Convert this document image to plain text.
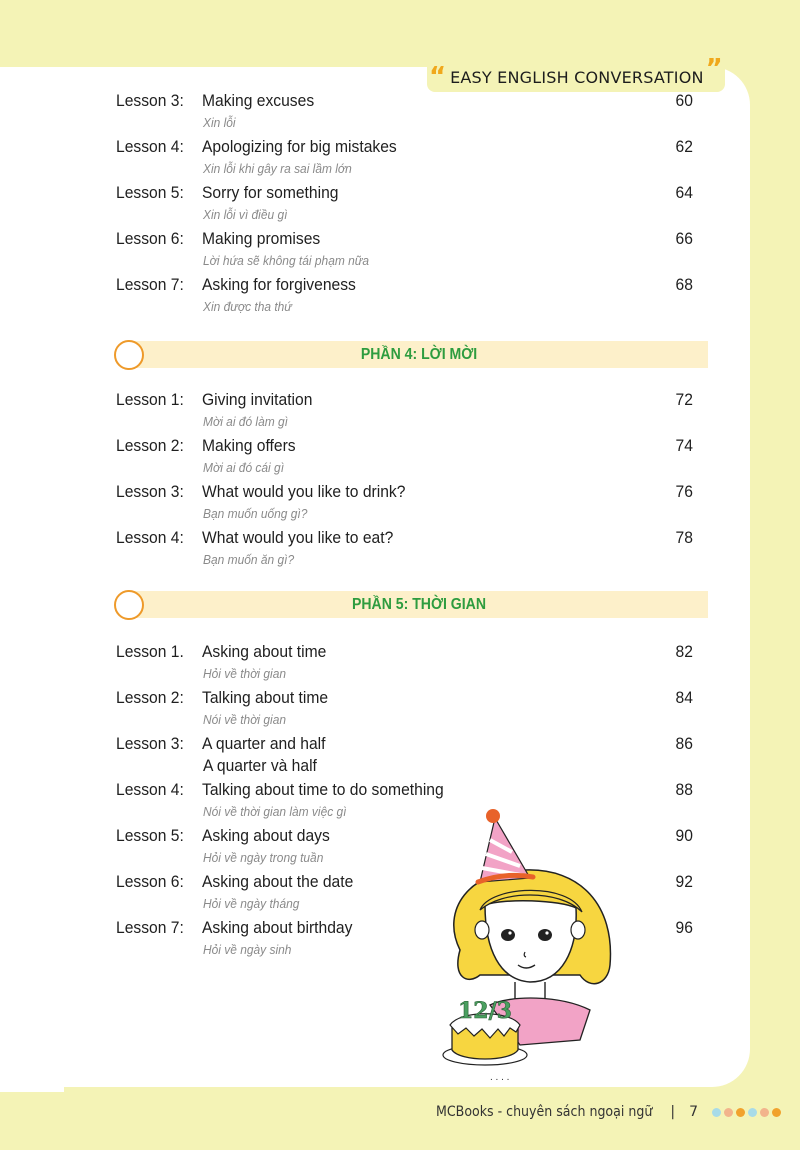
“ EASY ENGLISH CONVERSATION ”
Lesson 3: Making excuses
Xin lỗi
60
Lesson 4: Apologizing for big mistakes
Xin lỗi khi gây ra sai lầm lớn
62
Lesson 5: Sorry for something
Xin lỗi vì điều gì
64
Lesson 6: Making promises
Lời hứa sẽ không tái phạm nữa
66
Lesson 7: Asking for forgiveness
Xin được tha thứ
68
PHẦN 4: LỜI MỜI
Lesson 1: Giving invitation
Mời ai đó làm gì
72
Lesson 2: Making offers
Mời ai đó cái gì
74
Lesson 3: What would you like to drink?
Bạn muốn uống gì?
76
Lesson 4: What would you like to eat?
Bạn muốn ăn gì?
78
PHẦN 5: THỜI GIAN
Lesson 1. Asking about time
Hỏi về thời gian
82
Lesson 2: Talking about time
Nói về thời gian
84
Lesson 3: A quarter and half
A quarter và half
86
Lesson 4: Talking about time to do something
Nói về thời gian làm việc gì
88
Lesson 5: Asking about days
Hỏi về ngày trong tuần
90
Lesson 6: Asking about the date
Hỏi về ngày tháng
92
Lesson 7: Asking about birthday
Hỏi về ngày sinh
96
12/3
. . . .
MCBooks - chuyên sách ngoại ngữ | 7
